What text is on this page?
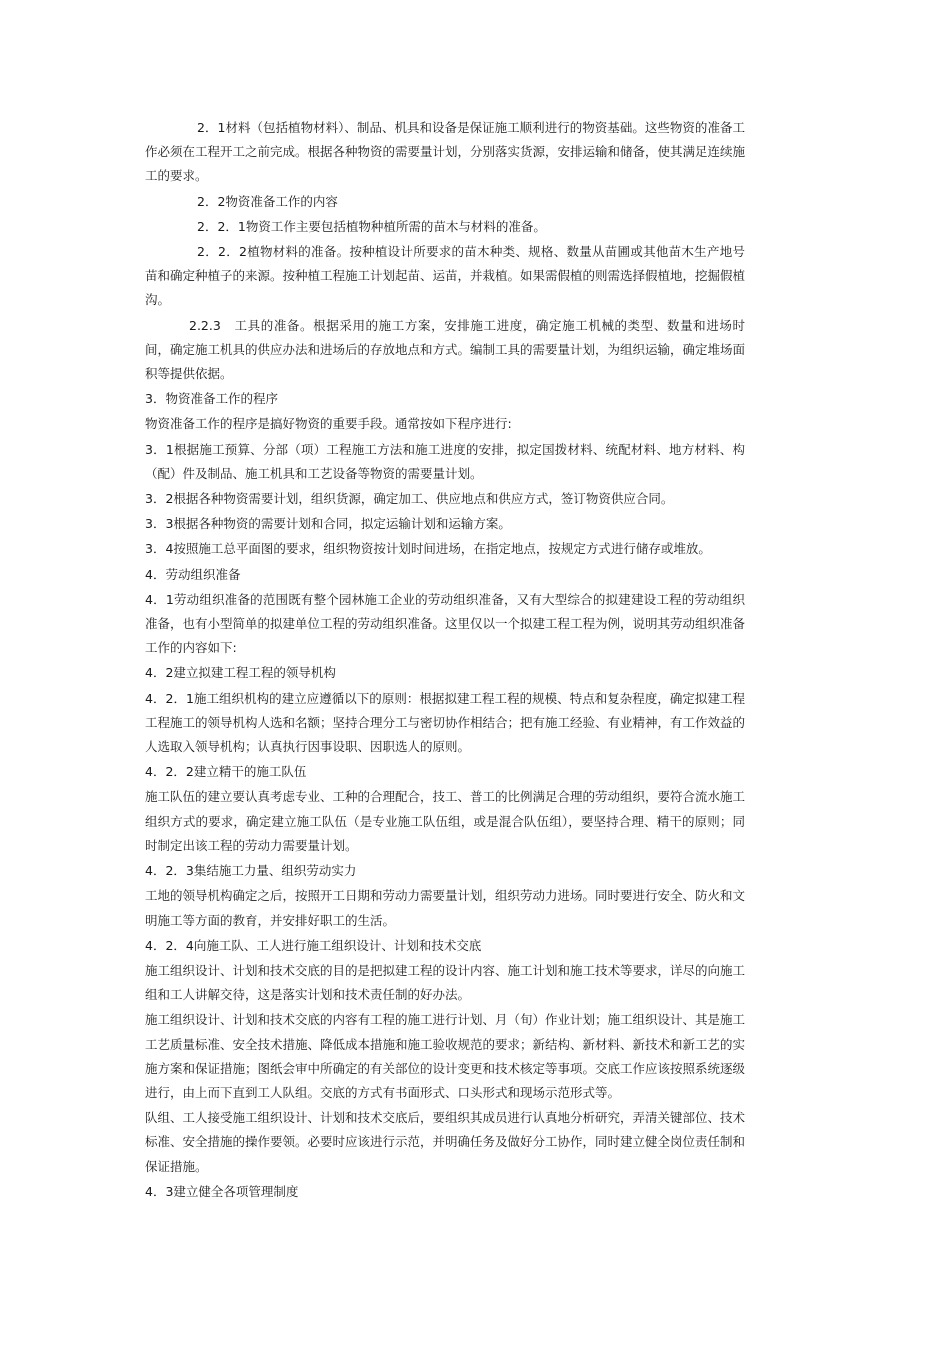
2．1材料（包括植物材料）、制品、机具和设备是保证施工顺利进行的物资基础。这些物资的准备工作必须在工程开工之前完成。根据各种物资的需要量计划，分别落实货源，安排运输和储备，使其满足连续施工的要求。

2．2物资准备工作的内容

2．2．1物资工作主要包括植物种植所需的苗木与材料的准备。

2．2．2植物材料的准备。按种植设计所要求的苗木种类、规格、数量从苗圃或其他苗木生产地号苗和确定种植子的来源。按种植工程施工计划起苗、运苗，并栽植。如果需假植的则需选择假植地，挖掘假植沟。

2.2.3　工具的准备。根据采用的施工方案，安排施工进度，确定施工机械的类型、数量和进场时间，确定施工机具的供应办法和进场后的存放地点和方式。编制工具的需要量计划，为组织运输，确定堆场面积等提供依据。

3．物资准备工作的程序

物资准备工作的程序是搞好物资的重要手段。通常按如下程序进行:

3．1根据施工预算、分部（项）工程施工方法和施工进度的安排，拟定国拨材料、统配材料、地方材料、构（配）件及制品、施工机具和工艺设备等物资的需要量计划。

3．2根据各种物资需要计划，组织货源，确定加工、供应地点和供应方式，签订物资供应合同。

3．3根据各种物资的需要计划和合同，拟定运输计划和运输方案。

3．4按照施工总平面图的要求，组织物资按计划时间进场，在指定地点，按规定方式进行储存或堆放。

4．劳动组织准备

4．1劳动组织准备的范围既有整个园林施工企业的劳动组织准备，又有大型综合的拟建建设工程的劳动组织准备，也有小型简单的拟建单位工程的劳动组织准备。这里仅以一个拟建工程工程为例，说明其劳动组织准备工作的内容如下:

4．2建立拟建工程工程的领导机构

4．2．1施工组织机构的建立应遵循以下的原则：根据拟建工程工程的规模、特点和复杂程度，确定拟建工程工程施工的领导机构人选和名额；坚持合理分工与密切协作相结合；把有施工经验、有业精神，有工作效益的人选取入领导机构；认真执行因事设职、因职选人的原则。

4．2．2建立精干的施工队伍

施工队伍的建立要认真考虑专业、工种的合理配合，技工、普工的比例满足合理的劳动组织，要符合流水施工组织方式的要求，确定建立施工队伍（是专业施工队伍组，或是混合队伍组），要坚持合理、精干的原则；同时制定出该工程的劳动力需要量计划。

4．2．3集结施工力量、组织劳动实力

工地的领导机构确定之后，按照开工日期和劳动力需要量计划，组织劳动力进场。同时要进行安全、防火和文明施工等方面的教育，并安排好职工的生活。

4．2．4向施工队、工人进行施工组织设计、计划和技术交底

施工组织设计、计划和技术交底的目的是把拟建工程的设计内容、施工计划和施工技术等要求，详尽的向施工组和工人讲解交待，这是落实计划和技术责任制的好办法。

施工组织设计、计划和技术交底的内容有工程的施工进行计划、月（旬）作业计划；施工组织设计、其是施工工艺质量标准、安全技术措施、降低成本措施和施工验收规范的要求；新结构、新材料、新技术和新工艺的实施方案和保证措施；图纸会审中所确定的有关部位的设计变更和技术核定等事项。交底工作应该按照系统逐级进行，由上而下直到工人队组。交底的方式有书面形式、口头形式和现场示范形式等。

队组、工人接受施工组织设计、计划和技术交底后，要组织其成员进行认真地分析研究，弄清关键部位、技术标准、安全措施的操作要领。必要时应该进行示范，并明确任务及做好分工协作，同时建立健全岗位责任制和保证措施。

4．3建立健全各项管理制度
